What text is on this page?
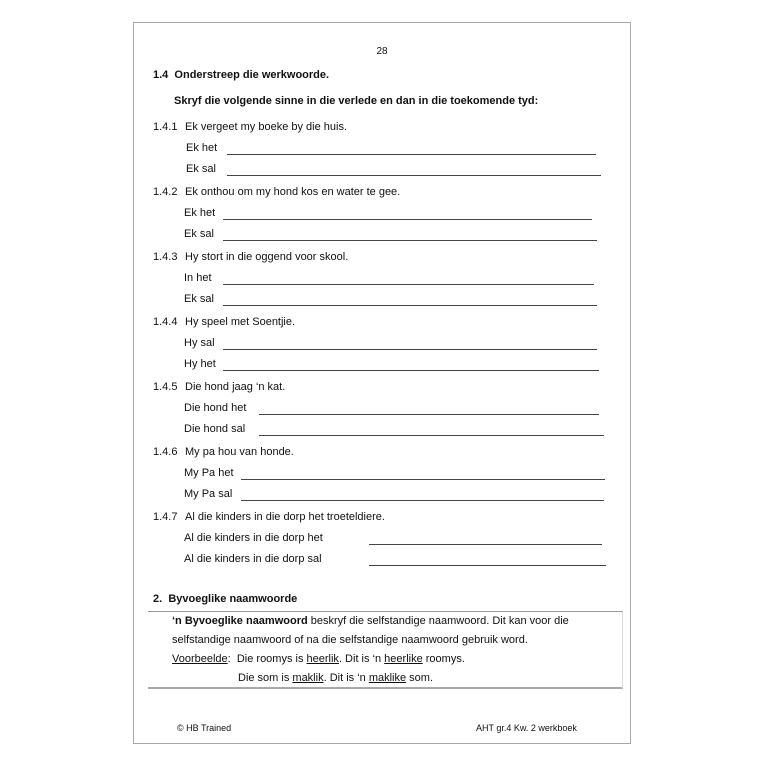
28
1.4 Onderstreep die werkwoorde.
Skryf die volgende sinne in die verlede en dan in die toekomende tyd:
1.4.1 Ek vergeet my boeke by die huis.
Ek het
Ek sal
1.4.2 Ek onthou om my hond kos en water te gee.
Ek het
Ek sal
1.4.3 Hy stort in die oggend voor skool.
In het
Ek sal
1.4.4 Hy speel met Soentjie.
Hy sal
Hy het
1.4.5 Die hond jaag ‘n kat.
Die hond het
Die hond sal
1.4.6 My pa hou van honde.
My Pa het
My Pa sal
1.4.7 Al die kinders in die dorp het troeteldiere.
Al die kinders in die dorp het
Al die kinders in die dorp sal
2. Byvoeglike naamwoorde
‘n Byvoeglike naamwoord beskryf die selfstandige naamwoord. Dit kan voor die
selfstandige naamwoord of na die selfstandige naamwoord gebruik word.
Voorbeelde:  Die roomys is heerlik. Dit is ‘n heerlike roomys.
Die som is maklik. Dit is ‘n maklike som.
© HB Trained	AHT gr.4 Kw. 2 werkboek
